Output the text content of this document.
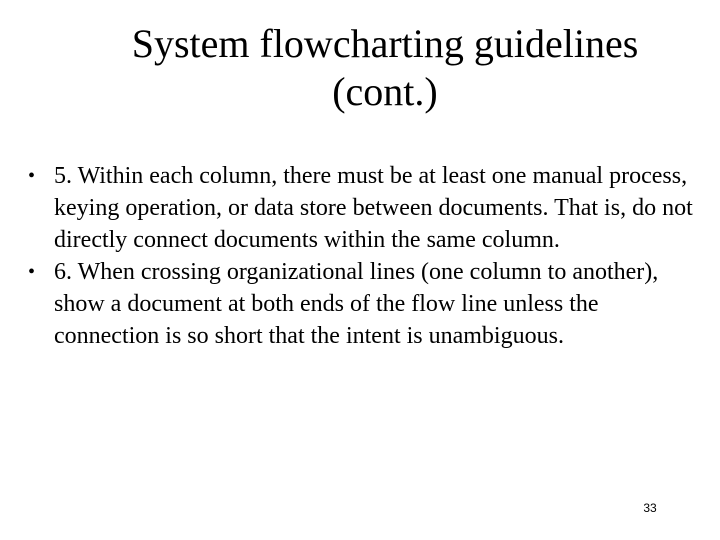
System flowcharting guidelines
(cont.)
• 5. Within each column, there must be at least one manual process, keying operation, or data store between documents. That is, do not directly connect documents within the same column.
• 6. When crossing organizational lines (one column to another), show a document at both ends of the flow line unless the connection is so short that the intent is unambiguous.
33
